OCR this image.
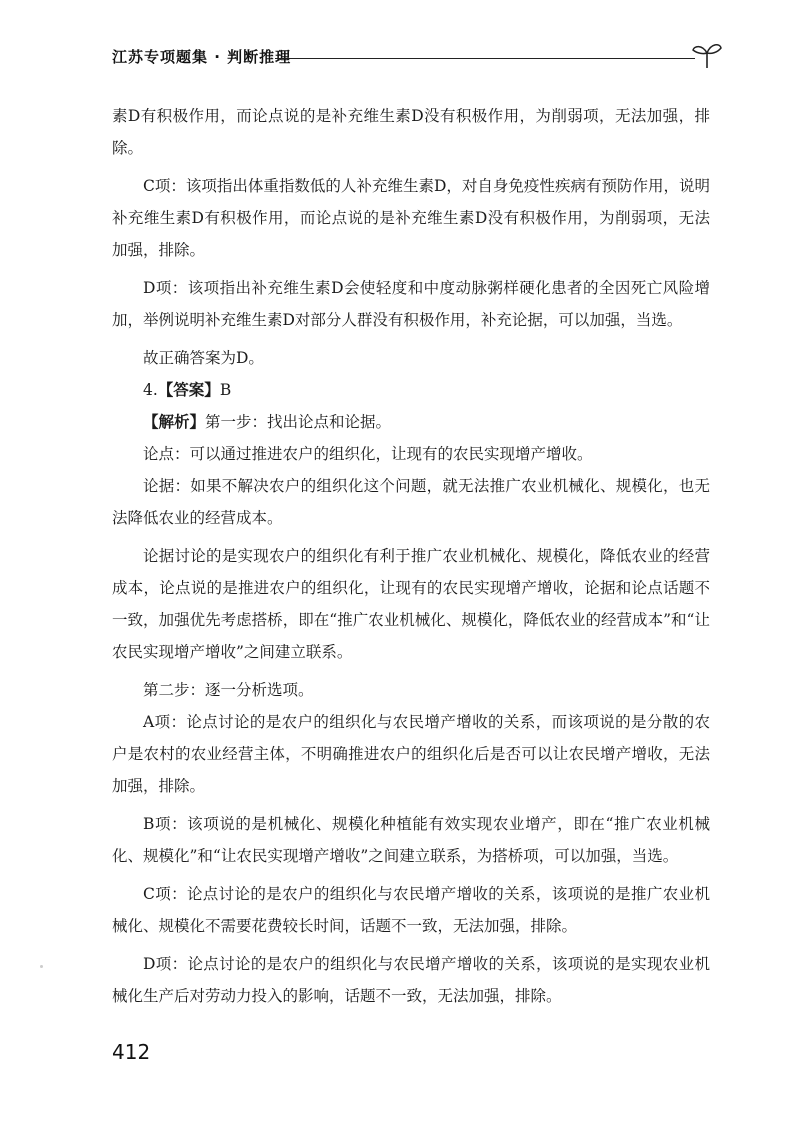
江苏专项题集 · 判断推理

素D有积极作用，而论点说的是补充维生素D没有积极作用，为削弱项，无法加强，排除。

C项：该项指出体重指数低的人补充维生素D，对自身免疫性疾病有预防作用，说明补充维生素D有积极作用，而论点说的是补充维生素D没有积极作用，为削弱项，无法加强，排除。

D项：该项指出补充维生素D会使轻度和中度动脉粥样硬化患者的全因死亡风险增加，举例说明补充维生素D对部分人群没有积极作用，补充论据，可以加强，当选。

故正确答案为D。

4.【答案】B

【解析】第一步：找出论点和论据。

论点：可以通过推进农户的组织化，让现有的农民实现增产增收。

论据：如果不解决农户的组织化这个问题，就无法推广农业机械化、规模化，也无法降低农业的经营成本。

论据讨论的是实现农户的组织化有利于推广农业机械化、规模化，降低农业的经营成本，论点说的是推进农户的组织化，让现有的农民实现增产增收，论据和论点话题不一致，加强优先考虑搭桥，即在“推广农业机械化、规模化，降低农业的经营成本”和“让农民实现增产增收”之间建立联系。

第二步：逐一分析选项。

A项：论点讨论的是农户的组织化与农民增产增收的关系，而该项说的是分散的农户是农村的农业经营主体，不明确推进农户的组织化后是否可以让农民增产增收，无法加强，排除。

B项：该项说的是机械化、规模化种植能有效实现农业增产，即在“推广农业机械化、规模化”和“让农民实现增产增收”之间建立联系，为搭桥项，可以加强，当选。

C项：论点讨论的是农户的组织化与农民增产增收的关系，该项说的是推广农业机械化、规模化不需要花费较长时间，话题不一致，无法加强，排除。

D项：论点讨论的是农户的组织化与农民增产增收的关系，该项说的是实现农业机械化生产后对劳动力投入的影响，话题不一致，无法加强，排除。

412
